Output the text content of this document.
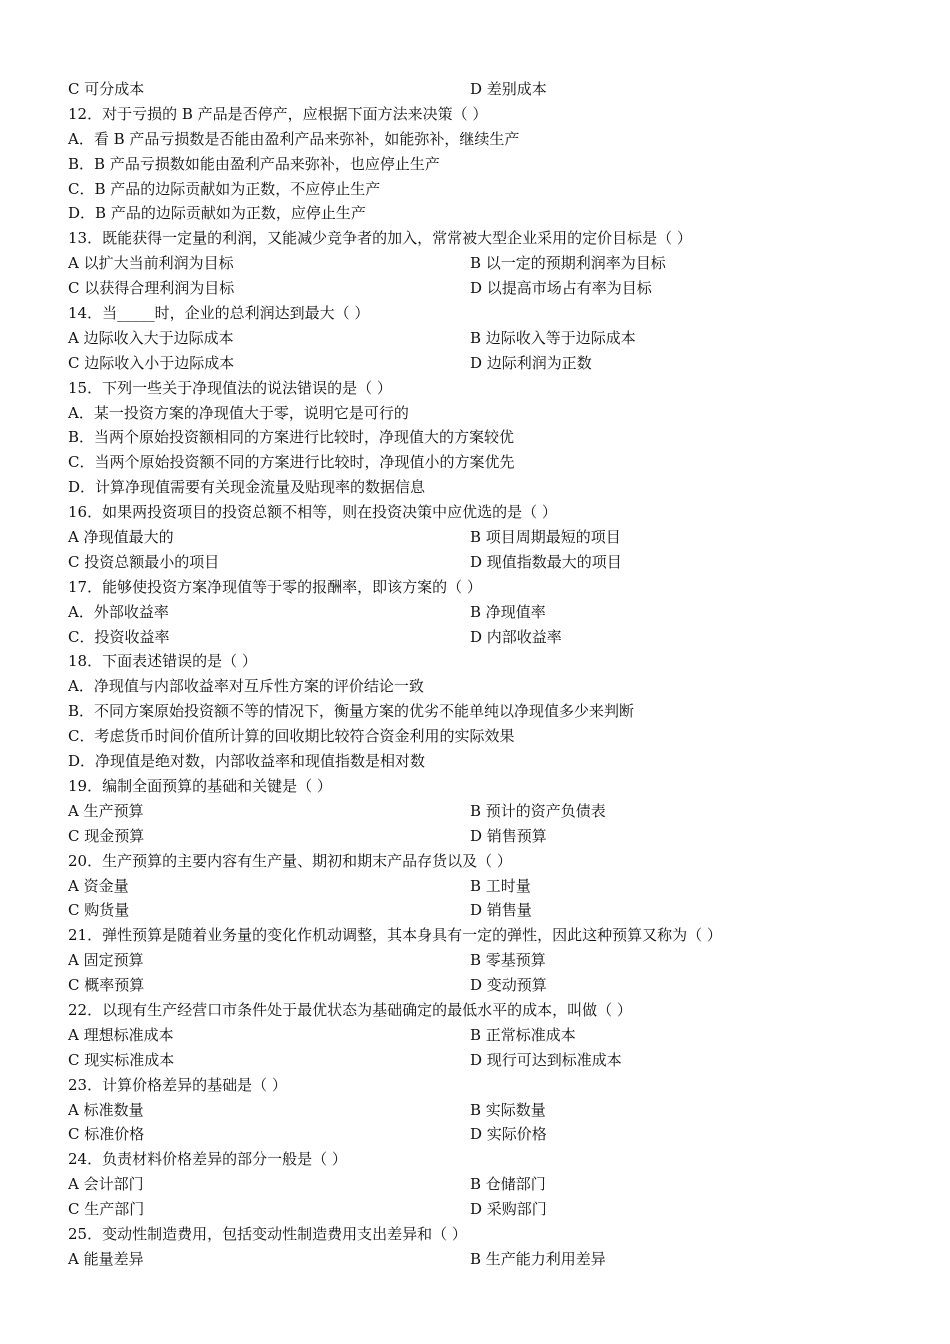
C 可分成本	D 差别成本
12．对于亏损的 B 产品是否停产，应根据下面方法来决策（ ）
A．看 B 产品亏损数是否能由盈利产品来弥补，如能弥补，继续生产
B．B 产品亏损数如能由盈利产品来弥补，也应停止生产
C．B 产品的边际贡献如为正数，不应停止生产
D．B 产品的边际贡献如为正数，应停止生产
13．既能获得一定量的利润，又能减少竞争者的加入，常常被大型企业采用的定价目标是（ ）
A 以扩大当前利润为目标	B 以一定的预期利润率为目标
C 以获得合理利润为目标	D 以提高市场占有率为目标
14．当_____时，企业的总利润达到最大（ ）
A 边际收入大于边际成本	B 边际收入等于边际成本
C 边际收入小于边际成本	D 边际利润为正数
15．下列一些关于净现值法的说法错误的是（ ）
A．某一投资方案的净现值大于零，说明它是可行的
B．当两个原始投资额相同的方案进行比较时，净现值大的方案较优
C．当两个原始投资额不同的方案进行比较时，净现值小的方案优先
D．计算净现值需要有关现金流量及贴现率的数据信息
16．如果两投资项目的投资总额不相等，则在投资决策中应优选的是（ ）
A 净现值最大的	B 项目周期最短的项目
C 投资总额最小的项目	D 现值指数最大的项目
17．能够使投资方案净现值等于零的报酬率，即该方案的（ ）
A．外部收益率	B 净现值率
C．投资收益率	D 内部收益率
18．下面表述错误的是（ ）
A．净现值与内部收益率对互斥性方案的评价结论一致
B．不同方案原始投资额不等的情况下，衡量方案的优劣不能单纯以净现值多少来判断
C．考虑货币时间价值所计算的回收期比较符合资金利用的实际效果
D．净现值是绝对数，内部收益率和现值指数是相对数
19．编制全面预算的基础和关键是（ ）
A 生产预算	B 预计的资产负债表
C 现金预算	D 销售预算
20．生产预算的主要内容有生产量、期初和期末产品存货以及（ ）
A 资金量	B 工时量
C 购货量	D 销售量
21．弹性预算是随着业务量的变化作机动调整，其本身具有一定的弹性，因此这种预算又称为（ ）
A 固定预算	B 零基预算
C 概率预算	D 变动预算
22．以现有生产经营口市条件处于最优状态为基础确定的最低水平的成本，叫做（ ）
A 理想标准成本	B 正常标准成本
C 现实标准成本	D 现行可达到标准成本
23．计算价格差异的基础是（ ）
A 标准数量	B 实际数量
C 标准价格	D 实际价格
24．负责材料价格差异的部分一般是（ ）
A 会计部门	B 仓储部门
C 生产部门	D 采购部门
25．变动性制造费用，包括变动性制造费用支出差异和（ ）
A 能量差异	B 生产能力利用差异
